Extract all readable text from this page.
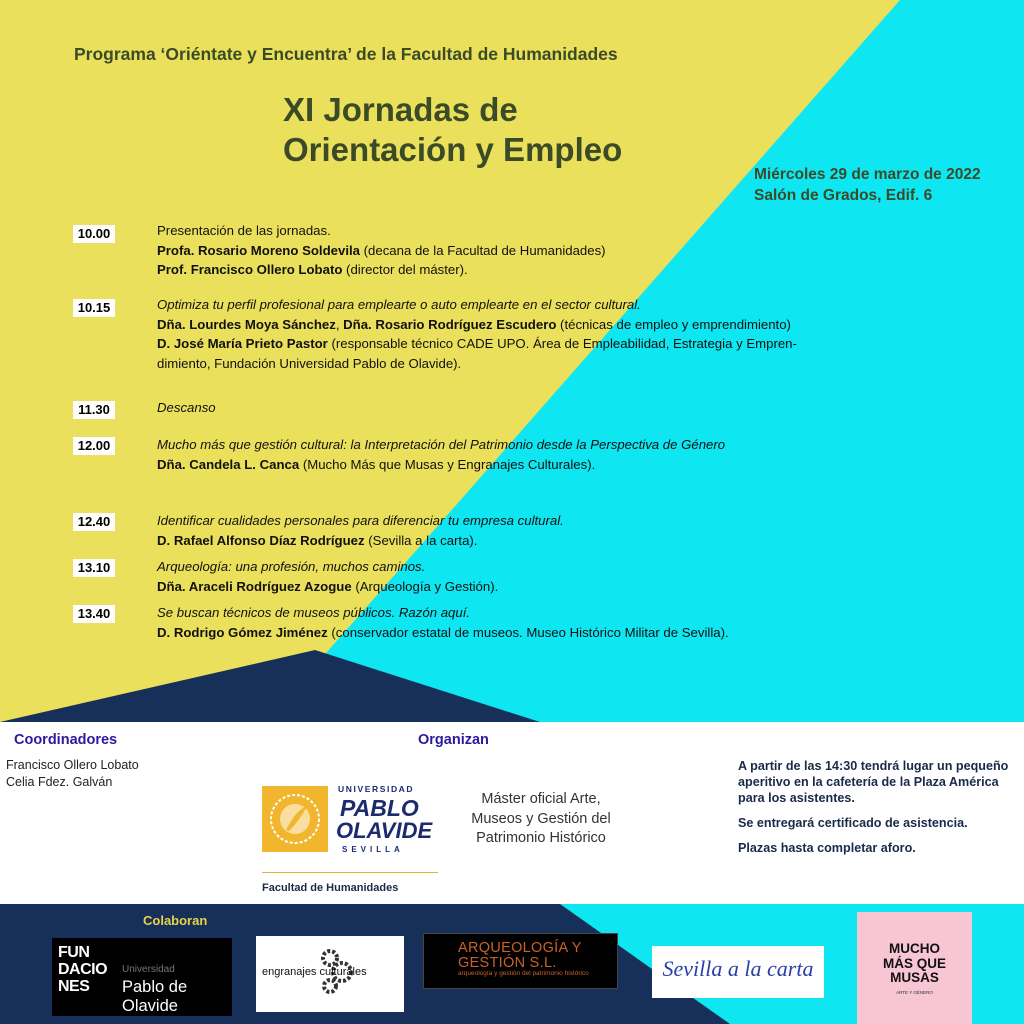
Programa ‘Oriéntate y Encuentra’ de la Facultad de Humanidades
XI Jornadas de
Orientación y Empleo
Miércoles 29 de marzo de 2022
Salón de Grados, Edif. 6
10.00	Presentación de las jornadas.
Profa. Rosario Moreno Soldevila (decana de la Facultad de Humanidades)
Prof. Francisco Ollero Lobato (director del máster).
10.15	Optimiza tu perfil profesional para emplearte o auto emplearte en el sector cultural.
Dña. Lourdes Moya Sánchez, Dña. Rosario Rodríguez Escudero (técnicas de empleo y emprendimiento)
D. José María Prieto Pastor (responsable técnico CADE UPO. Área de Empleabilidad, Estrategia y Empren-
dimiento, Fundación Universidad Pablo de Olavide).
11.30	Descanso
12.00	Mucho más que gestión cultural: la Interpretación del Patrimonio desde la Perspectiva de Género
Dña. Candela L. Canca (Mucho Más que Musas y Engranajes Culturales).
12.40	Identificar cualidades personales para diferenciar tu empresa cultural.
D. Rafael Alfonso Díaz Rodríguez (Sevilla a la carta).
13.10	Arqueología: una profesión, muchos caminos.
Dña. Araceli Rodríguez Azogue (Arqueología y Gestión).
13.40	Se buscan técnicos de museos públicos. Razón aquí.
D. Rodrigo Gómez Jiménez (conservador estatal de museos. Museo Histórico Militar de Sevilla).
Coordinadores
Francisco Ollero Lobato
Celia Fdez. Galván
Organizan
UNIVERSIDAD
PABLO
OLAVIDE
SEVILLA
Facultad de Humanidades
Máster oficial Arte,
Museos y Gestión del
Patrimonio Histórico

A partir de las 14:30 tendrá lugar un pequeño aperitivo en la cafetería de la Plaza América para los asistentes.

Se entregará certificado de asistencia.

Plazas hasta completar aforo.

Colaboran
FUN
DACIO
NES
Universidad
Pablo de Olavide
engranajes culturales
ARQUEOLOGÍA Y
GESTIÓN S.L.
arqueología y gestión del patrimonio histórico	Sevilla a la carta
MUCHO
MÁS QUE
MUSAS
ARTE Y GÉNERO
